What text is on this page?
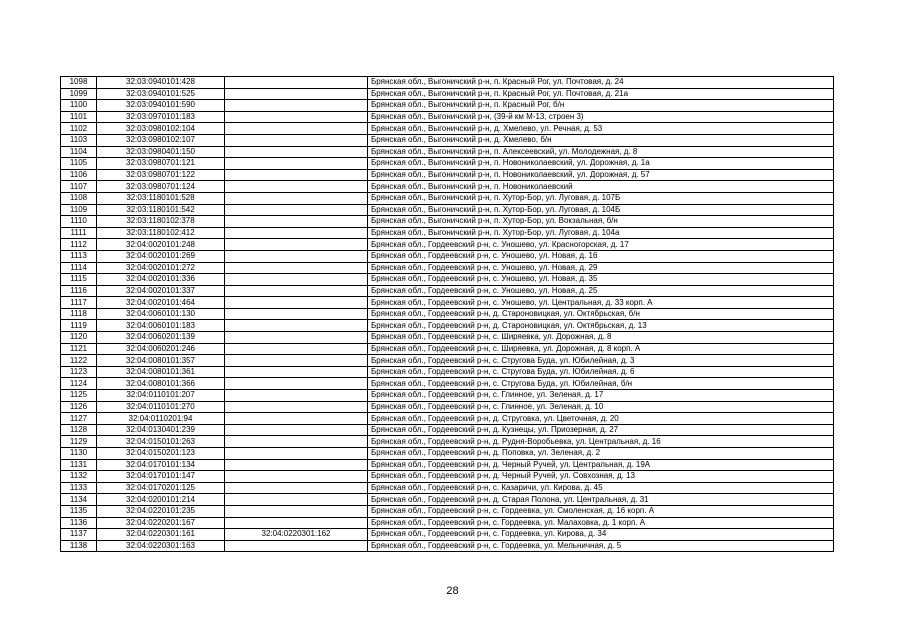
1098	32:03:0940101:428		Брянская обл., Выгоничский р-н, п. Красный Рог, ул. Почтовая, д. 24
1099	32:03:0940101:525		Брянская обл., Выгоничский р-н, п. Красный Рог, ул. Почтовая, д. 21а
1100	32:03:0940101:590		Брянская обл., Выгоничский р-н, п. Красный Рог, б/н
1101	32:03:0970101:183		Брянская обл., Выгоничский р-н, (39-й км М-13, строен 3)
1102	32:03:0980102:104		Брянская обл., Выгоничский р-н, д. Хмелево, ул. Речная, д. 53
1103	32:03:0980102:107		Брянская обл., Выгоничский р-н, д. Хмелево, б/н
1104	32:03:0980401:150		Брянская обл., Выгоничский р-н, п. Алексеевский, ул. Молодежная, д. 8
1105	32:03:0980701:121		Брянская обл., Выгоничский р-н, п. Новониколаевский, ул. Дорожная, д. 1а
1106	32:03:0980701:122		Брянская обл., Выгоничский р-н, п. Новониколаевский, ул. Дорожная, д. 57
1107	32:03:0980701:124		Брянская обл., Выгоничский р-н, п. Новониколаевский
1108	32:03:1180101:528		Брянская обл., Выгоничский р-н, п. Хутор-Бор, ул. Луговая, д. 107Б
1109	32:03:1180101:542		Брянская обл., Выгоничский р-н, п. Хутор-Бор, ул. Луговая, д. 104Б
1110	32:03:1180102:378		Брянская обл., Выгоничский р-н, п. Хутор-Бор, ул. Вокзальная, б/н
1111	32:03:1180102:412		Брянская обл., Выгоничский р-н, п. Хутор-Бор, ул. Луговая, д. 104а
1112	32:04:0020101:248		Брянская обл., Гордеевский р-н, с. Уношево, ул. Красногорская, д. 17
1113	32:04:0020101:269		Брянская обл., Гордеевский р-н, с. Уношево, ул. Новая, д. 16
1114	32:04:0020101:272		Брянская обл., Гордеевский р-н, с. Уношево, ул. Новая, д. 29
1115	32:04:0020101:336		Брянская обл., Гордеевский р-н, с. Уношево, ул. Новая, д. 35
1116	32:04:0020101:337		Брянская обл., Гордеевский р-н, с. Уношево, ул. Новая, д. 25
1117	32:04:0020101:464		Брянская обл., Гордеевский р-н, с. Уношево, ул. Центральная, д. 33 корп. А
1118	32:04:0060101:130		Брянская обл., Гордеевский р-н, д. Староновицкая, ул. Октябрьская, б/н
1119	32:04:0060101:183		Брянская обл., Гордеевский р-н, д. Староновицкая, ул. Октябрьская, д. 13
1120	32:04:0060201:139		Брянская обл., Гордеевский р-н, с. Ширяевка, ул. Дорожная, д. 8
1121	32:04:0060201:246		Брянская обл., Гордеевский р-н, с. Ширяевка, ул. Дорожная, д. 8 корп. А
1122	32:04:0080101:357		Брянская обл., Гордеевский р-н, с. Стругова Буда, ул. Юбилейная, д. 3
1123	32:04:0080101:361		Брянская обл., Гордеевский р-н, с. Стругова Буда, ул. Юбилейная, д. 6
1124	32:04:0080101:366		Брянская обл., Гордеевский р-н, с. Стругова Буда, ул. Юбилейная, б/н
1125	32:04:0110101:207		Брянская обл., Гордеевский р-н, с. Глинное, ул. Зеленая, д. 17
1126	32:04:0110101:270		Брянская обл., Гордеевский р-н, с. Глинное, ул. Зеленая, д. 10
1127	32:04:0110201:94		Брянская обл., Гордеевский р-н, д. Струговка, ул. Цветочная, д. 20
1128	32:04:0130401:239		Брянская обл., Гордеевский р-н, д. Кузнецы, ул. Приозерная, д. 27
1129	32:04:0150101:263		Брянская обл., Гордеевский р-н, д. Рудня-Воробьевка, ул. Центральная, д. 16
1130	32:04:0150201:123		Брянская обл., Гордеевский р-н, д. Поповка, ул. Зеленая, д. 2
1131	32:04:0170101:134		Брянская обл., Гордеевский р-н, д. Черный Ручей, ул. Центральная, д. 19А
1132	32:04:0170101:147		Брянская обл., Гордеевский р-н, д. Черный Ручей, ул. Совхозная, д. 13
1133	32:04:0170201:125		Брянская обл., Гордеевский р-н, с. Казаричи, ул. Кирова, д. 45
1134	32:04:0200101:214		Брянская обл., Гордеевский р-н, д. Старая Полона, ул. Центральная, д. 31
1135	32:04:0220101:235		Брянская обл., Гордеевский р-н, с. Гордеевка, ул. Смоленская, д. 16 корп. А
1136	32:04:0220201:167		Брянская обл., Гордеевский р-н, с. Гордеевка, ул. Малаховка, д. 1 корп. А
1137	32:04:0220301:161	32:04:0220301:162	Брянская обл., Гордеевский р-н, с. Гордеевка, ул. Кирова, д. 34
1138	32:04:0220301:163		Брянская обл., Гордеевский р-н, с. Гордеевка, ул. Мельничная, д. 5
28
